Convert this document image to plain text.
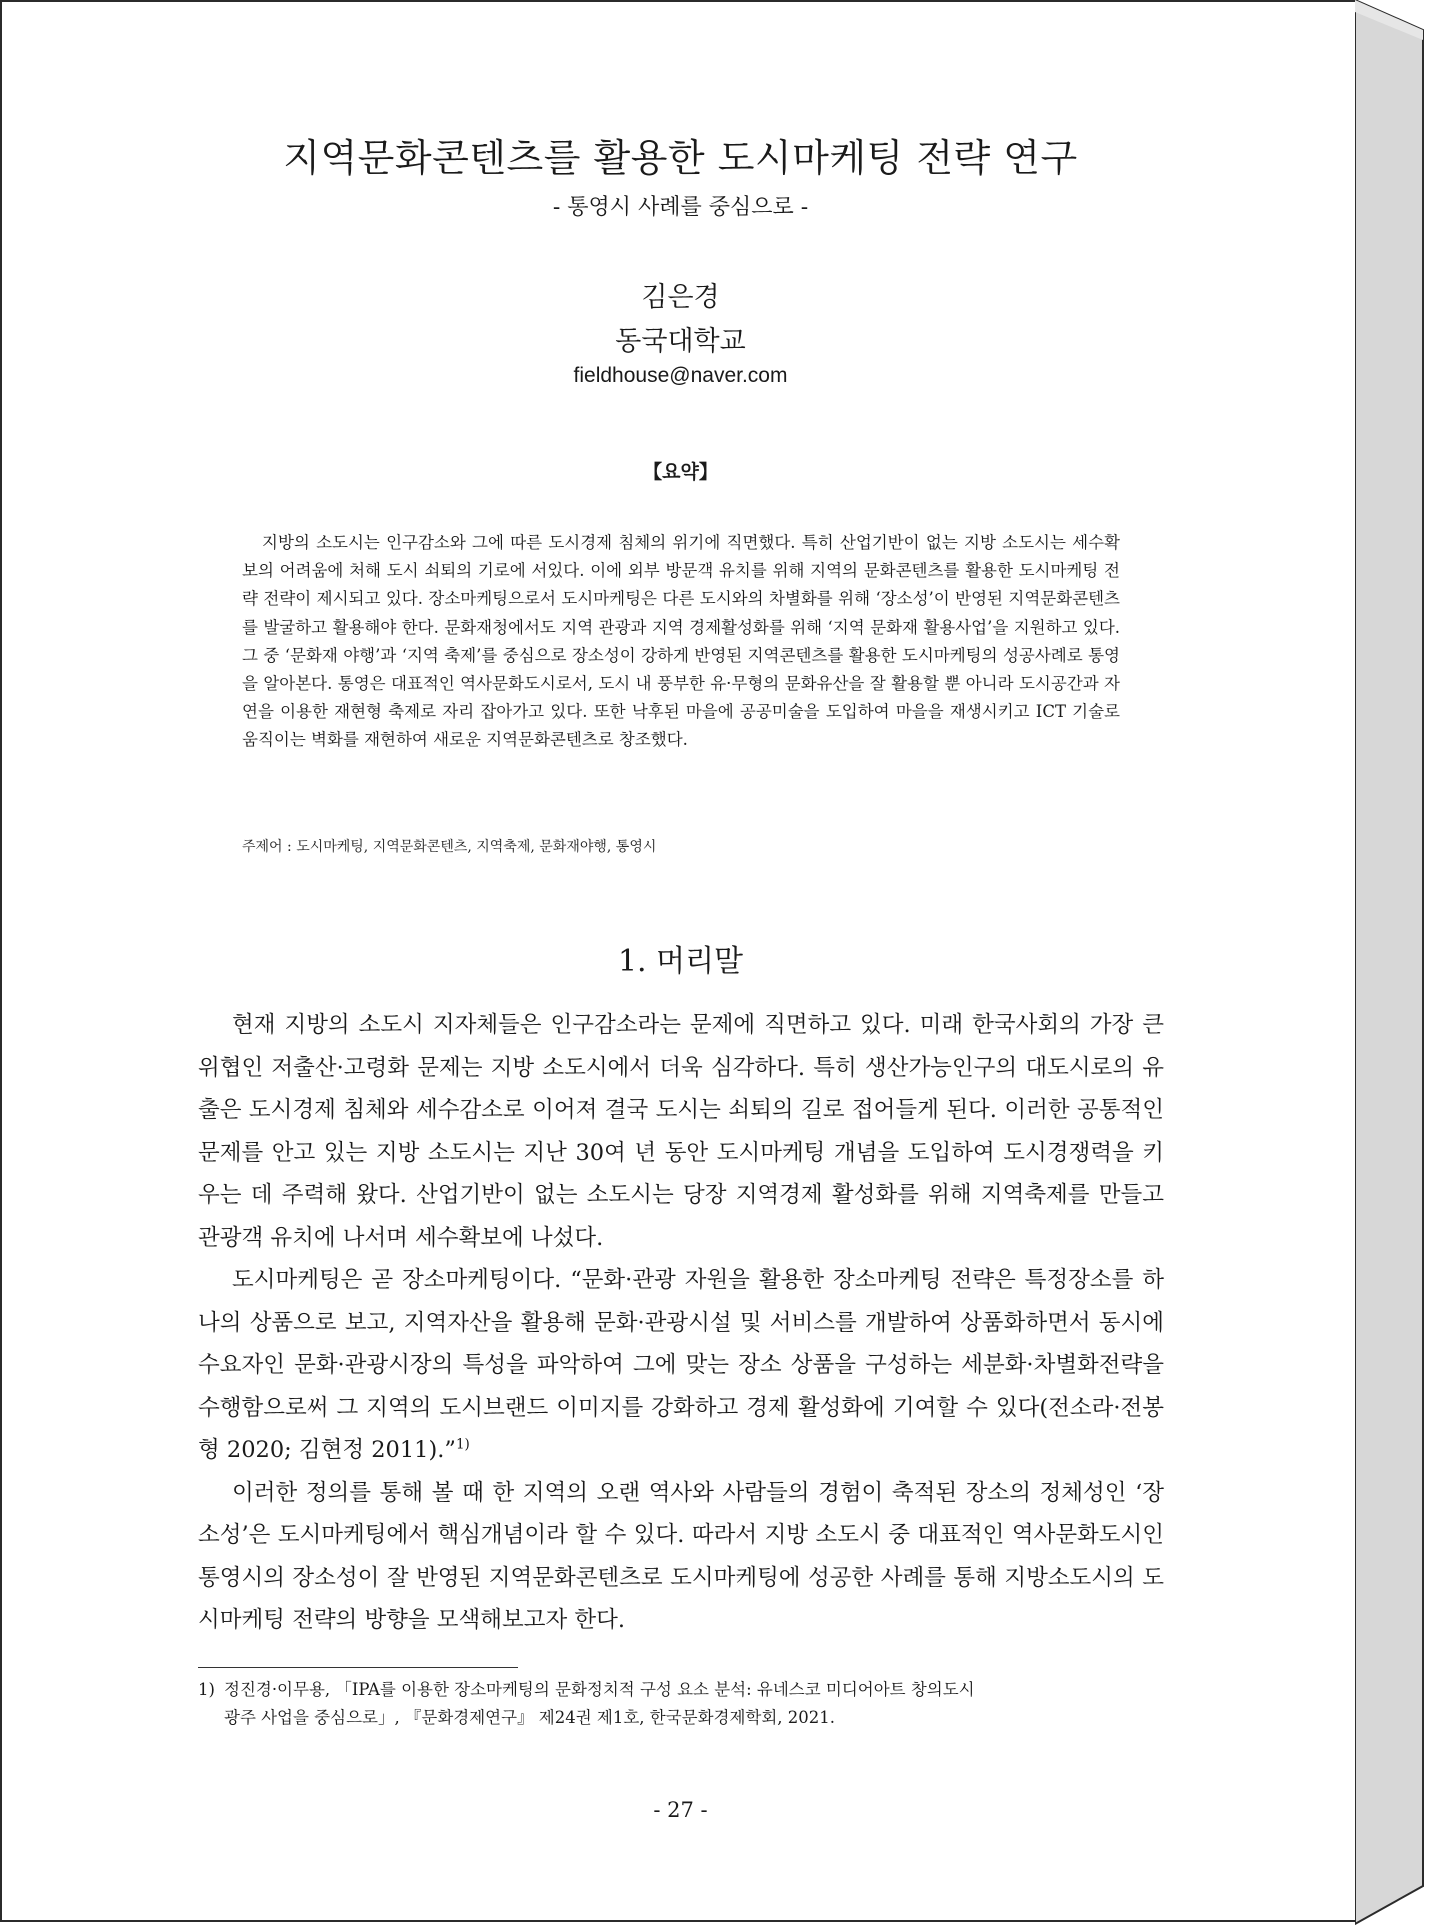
지역문화콘텐츠를 활용한 도시마케팅 전략 연구
- 통영시 사례를 중심으로 -
김은경
동국대학교
fieldhouse@naver.com
【요약】

지방의 소도시는 인구감소와 그에 따른 도시경제 침체의 위기에 직면했다. 특히 산업기반이 없는 지방 소도시는 세수확보의 어려움에 처해 도시 쇠퇴의 기로에 서있다. 이에 외부 방문객 유치를 위해 지역의 문화콘텐츠를 활용한 도시마케팅 전략 전략이 제시되고 있다. 장소마케팅으로서 도시마케팅은 다른 도시와의 차별화를 위해 ‘장소성’이 반영된 지역문화콘텐츠를 발굴하고 활용해야 한다. 문화재청에서도 지역 관광과 지역 경제활성화를 위해 ‘지역 문화재 활용사업’을 지원하고 있다. 그 중 ‘문화재 야행’과 ‘지역 축제’를 중심으로 장소성이 강하게 반영된 지역콘텐츠를 활용한 도시마케팅의 성공사례로 통영을 알아본다. 통영은 대표적인 역사문화도시로서, 도시 내 풍부한 유·무형의 문화유산을 잘 활용할 뿐 아니라 도시공간과 자연을 이용한 재현형 축제로 자리 잡아가고 있다. 또한 낙후된 마을에 공공미술을 도입하여 마을을 재생시키고 ICT 기술로 움직이는 벽화를 재현하여 새로운 지역문화콘텐츠로 창조했다.

주제어 : 도시마케팅, 지역문화콘텐츠, 지역축제, 문화재야행, 통영시
1. 머리말

현재 지방의 소도시 지자체들은 인구감소라는 문제에 직면하고 있다. 미래 한국사회의 가장 큰 위협인 저출산·고령화 문제는 지방 소도시에서 더욱 심각하다. 특히 생산가능인구의 대도시로의 유출은 도시경제 침체와 세수감소로 이어져 결국 도시는 쇠퇴의 길로 접어들게 된다. 이러한 공통적인 문제를 안고 있는 지방 소도시는 지난 30여 년 동안 도시마케팅 개념을 도입하여 도시경쟁력을 키우는 데 주력해 왔다. 산업기반이 없는 소도시는 당장 지역경제 활성화를 위해 지역축제를 만들고 관광객 유치에 나서며 세수확보에 나섰다.

도시마케팅은 곧 장소마케팅이다. “문화·관광 자원을 활용한 장소마케팅 전략은 특정장소를 하나의 상품으로 보고, 지역자산을 활용해 문화·관광시설 및 서비스를 개발하여 상품화하면서 동시에 수요자인 문화·관광시장의 특성을 파악하여 그에 맞는 장소 상품을 구성하는 세분화·차별화전략을 수행함으로써 그 지역의 도시브랜드 이미지를 강화하고 경제 활성화에 기여할 수 있다(전소라·전봉형 2020; 김현정 2011).”$^{1)}$

이러한 정의를 통해 볼 때 한 지역의 오랜 역사와 사람들의 경험이 축적된 장소의 정체성인 ‘장소성’은 도시마케팅에서 핵심개념이라 할 수 있다. 따라서 지방 소도시 중 대표적인 역사문화도시인 통영시의 장소성이 잘 반영된 지역문화콘텐츠로 도시마케팅에 성공한 사례를 통해 지방소도시의 도시마케팅 전략의 방향을 모색해보고자 한다.

1) 정진경·이무용, 「IPA를 이용한 장소마케팅의 문화정치적 구성 요소 분석: 유네스코 미디어아트 창의도시
광주 사업을 중심으로」, 『문화경제연구』 제24권 제1호, 한국문화경제학회, 2021.
- 27 -
